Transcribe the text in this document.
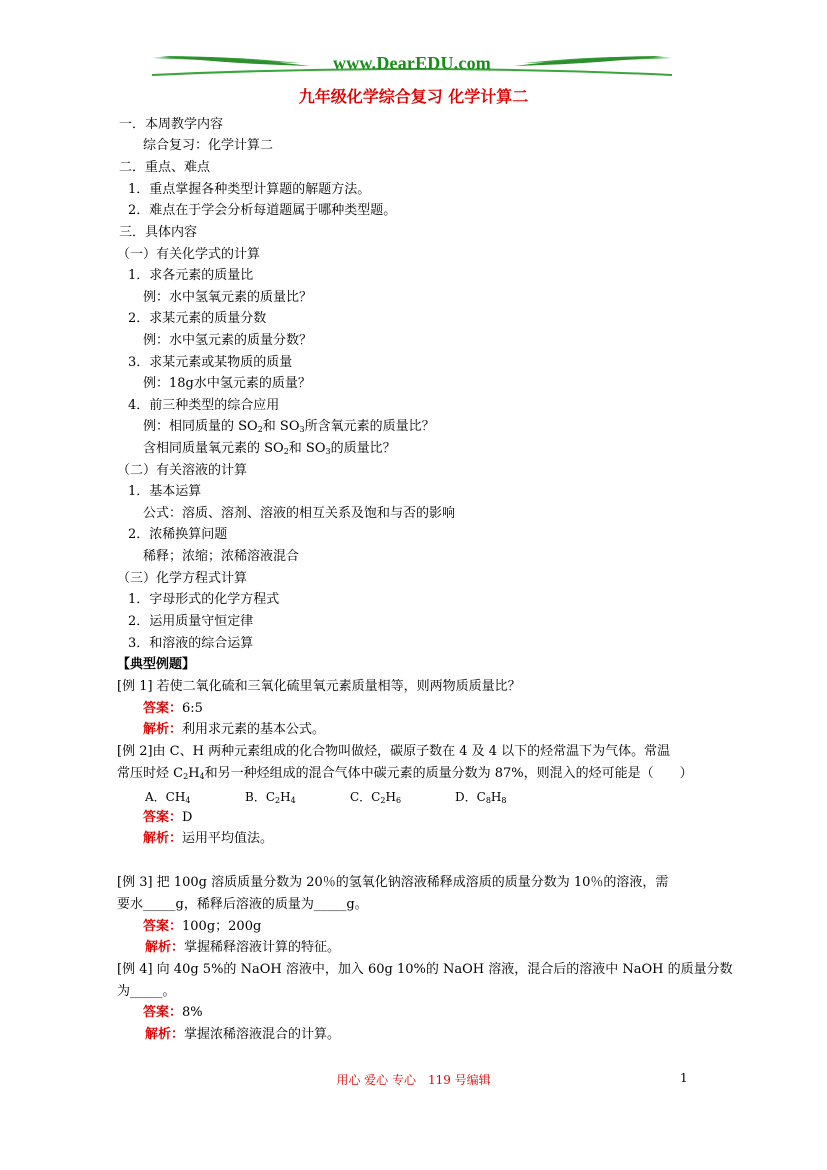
www.DearEDU.com
九年级化学综合复习 化学计算二
一．本周教学内容
综合复习：化学计算二
二．重点、难点
1．重点掌握各种类型计算题的解题方法。
2．难点在于学会分析每道题属于哪种类型题。
三．具体内容
（一）有关化学式的计算
1．求各元素的质量比
例：水中氢氧元素的质量比？
2．求某元素的质量分数
例：水中氢元素的质量分数？
3．求某元素或某物质的质量
例：18g水中氢元素的质量？
4．前三种类型的综合应用
例：相同质量的 $SO_2$和 $SO_3$所含氧元素的质量比？
含相同质量氧元素的 $SO_2$和 $SO_3$的质量比？
（二）有关溶液的计算
1．基本运算
公式：溶质、溶剂、溶液的相互关系及饱和与否的影响
2．浓稀换算问题
稀释；浓缩；浓稀溶液混合
（三）化学方程式计算
1．字母形式的化学方程式
2．运用质量守恒定律
3．和溶液的综合运算
【典型例题】
[例 1] 若使二氧化硫和三氧化硫里氧元素质量相等，则两物质质量比？
答案：6:5
解析：利用求元素的基本公式。
[例 2]由 C、H 两种元素组成的化合物叫做烃，碳原子数在 4 及 4 以下的烃常温下为气体。常温
常压时烃 $C_2H_4$和另一种烃组成的混合气体中碳元素的质量分数为 87%，则混入的烃可能是（　　）
A．$CH_4$	B．$C_2H_4$	C．$C_2H_6$	D．$C_8H_8$
答案：D
解析：运用平均值法。
[例 3] 把 100g 溶质质量分数为 20％的氢氧化钠溶液稀释成溶质的质量分数为 10％的溶液，需
要水_____g，稀释后溶液的质量为_____g。
答案：100g；200g
解析：掌握稀释溶液计算的特征。
[例 4] 向 40g 5%的 NaOH 溶液中，加入 60g 10%的 NaOH 溶液，混合后的溶液中 NaOH 的质量分数
为_____。
答案：8%
解析：掌握浓稀溶液混合的计算。
用心 爱心 专心　119 号编辑	1
